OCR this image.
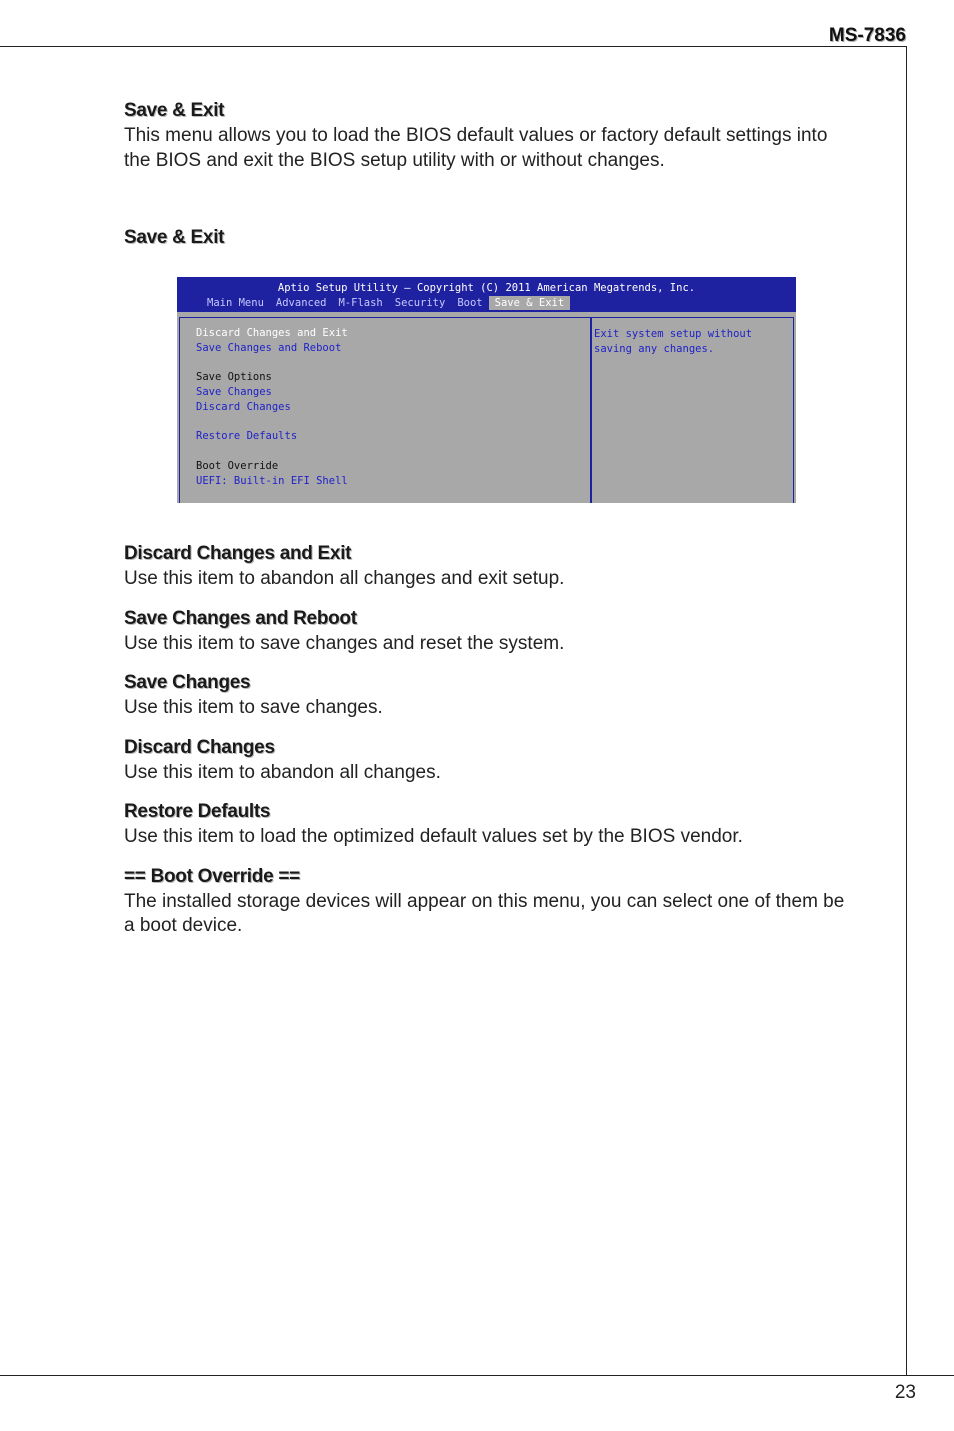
MS-7836
23
Save & Exit

This menu allows you to load the BIOS default values or factory default settings into the BIOS and exit the BIOS setup utility with or without changes.

Save & Exit
Aptio Setup Utility – Copyright (C) 2011 American Megatrends, Inc.
Main Menu	Advanced	M-Flash	Security	Boot	Save & Exit
Discard Changes and Exit
Save Changes and Reboot
Save Options
Save Changes
Discard Changes
Restore Defaults
Boot Override
UEFI: Built-in EFI Shell
Exit system setup without
saving any changes.
Discard Changes and Exit

Use this item to abandon all changes and exit setup.

Save Changes and Reboot

Use this item to save changes and reset the system.

Save Changes

Use this item to save changes.

Discard Changes

Use this item to abandon all changes.

Restore Defaults

Use this item to load the optimized default values set by the BIOS vendor.

== Boot Override ==

The installed storage devices will appear on this menu, you can select one of them be a boot device.
